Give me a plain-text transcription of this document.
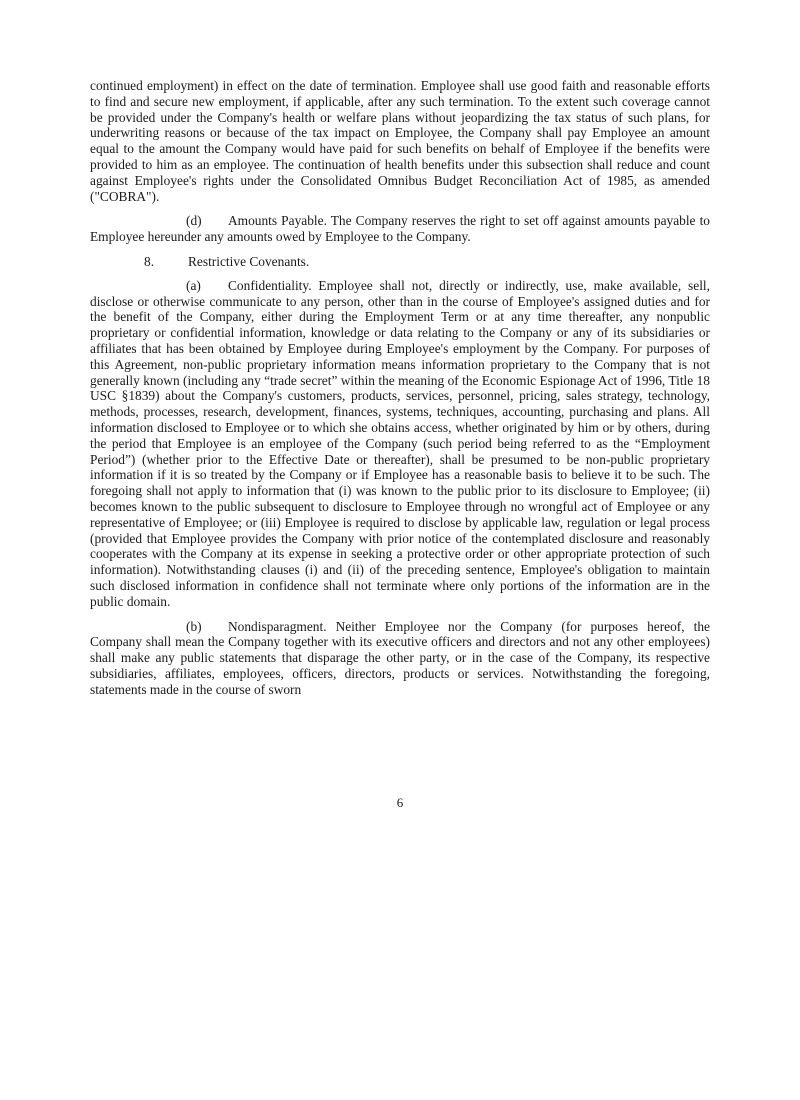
continued employment) in effect on the date of termination. Employee shall use good faith and reasonable efforts to find and secure new employment, if applicable, after any such termination. To the extent such coverage cannot be provided under the Company's health or welfare plans without jeopardizing the tax status of such plans, for underwriting reasons or because of the tax impact on Employee, the Company shall pay Employee an amount equal to the amount the Company would have paid for such benefits on behalf of Employee if the benefits were provided to him as an employee. The continuation of health benefits under this subsection shall reduce and count against Employee's rights under the Consolidated Omnibus Budget Reconciliation Act of 1985, as amended ("COBRA").

(d) Amounts Payable. The Company reserves the right to set off against amounts payable to Employee hereunder any amounts owed by Employee to the Company.

8.	Restrictive Covenants.

(a) Confidentiality. Employee shall not, directly or indirectly, use, make available, sell, disclose or otherwise communicate to any person, other than in the course of Employee's assigned duties and for the benefit of the Company, either during the Employment Term or at any time thereafter, any nonpublic proprietary or confidential information, knowledge or data relating to the Company or any of its subsidiaries or affiliates that has been obtained by Employee during Employee's employment by the Company. For purposes of this Agreement, non-public proprietary information means information proprietary to the Company that is not generally known (including any “trade secret” within the meaning of the Economic Espionage Act of 1996, Title 18 USC §1839) about the Company's customers, products, services, personnel, pricing, sales strategy, technology, methods, processes, research, development, finances, systems, techniques, accounting, purchasing and plans. All information disclosed to Employee or to which she obtains access, whether originated by him or by others, during the period that Employee is an employee of the Company (such period being referred to as the “Employment Period”) (whether prior to the Effective Date or thereafter), shall be presumed to be non-public proprietary information if it is so treated by the Company or if Employee has a reasonable basis to believe it to be such. The foregoing shall not apply to information that (i) was known to the public prior to its disclosure to Employee; (ii) becomes known to the public subsequent to disclosure to Employee through no wrongful act of Employee or any representative of Employee; or (iii) Employee is required to disclose by applicable law, regulation or legal process (provided that Employee provides the Company with prior notice of the contemplated disclosure and reasonably cooperates with the Company at its expense in seeking a protective order or other appropriate protection of such information). Notwithstanding clauses (i) and (ii) of the preceding sentence, Employee's obligation to maintain such disclosed information in confidence shall not terminate where only portions of the information are in the public domain.

(b) Nondisparagment. Neither Employee nor the Company (for purposes hereof, the Company shall mean the Company together with its executive officers and directors and not any other employees) shall make any public statements that disparage the other party, or in the case of the Company, its respective subsidiaries, affiliates, employees, officers, directors, products or services. Notwithstanding the foregoing, statements made in the course of sworn

6
